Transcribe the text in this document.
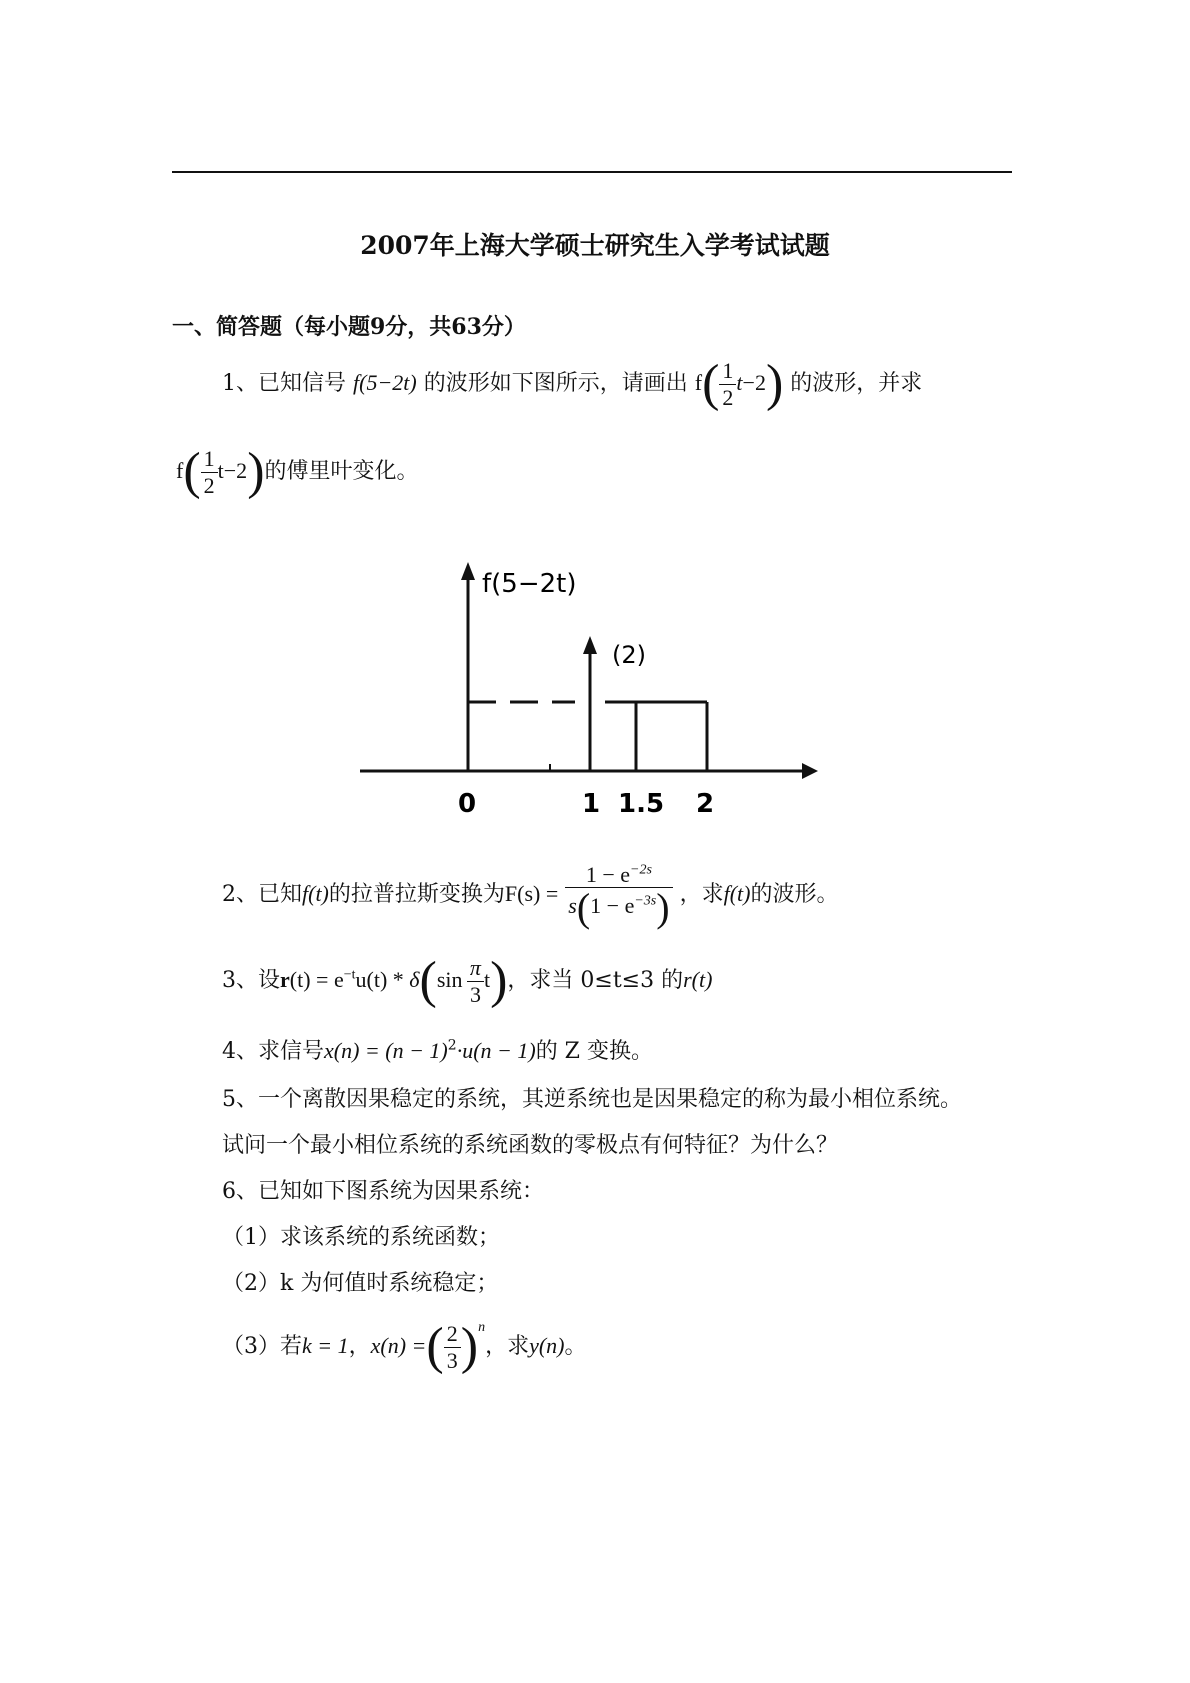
2007年上海大学硕士研究生入学考试试题
一、简答题（每小题9分，共63分）
1、已知信号 f(5−2t) 的波形如下图所示，请画出 $f( \frac{1}{2} t-2)$ 的波形，并求
$f( \frac{1}{2} t-2)$的傅里叶变化。
f(5−2t)
(2)
0	1 1.5 2
2、已知f(t)的拉普拉斯变换为$F(s) = \frac{1 - e^{-2s}}{s(1 - e^{-3s})}$ ，求f(t)的波形。
3、设$r(t) = e^{-t}u(t) * \delta(\sin \frac{\pi}{3} t)$，求当 0≤t≤3 的r(t)
4、求信号$x(n) = (n - 1)^2\cdot u(n - 1)$的 Z 变换。
5、一个离散因果稳定的系统，其逆系统也是因果稳定的称为最小相位系统。
试问一个最小相位系统的系统函数的零极点有何特征？为什么？
6、已知如下图系统为因果系统：
（1）求该系统的系统函数；
（2）k 为何值时系统稳定；
（3）若k = 1，x(n) =( $\frac{2}{3} )^n$，求y(n)。
